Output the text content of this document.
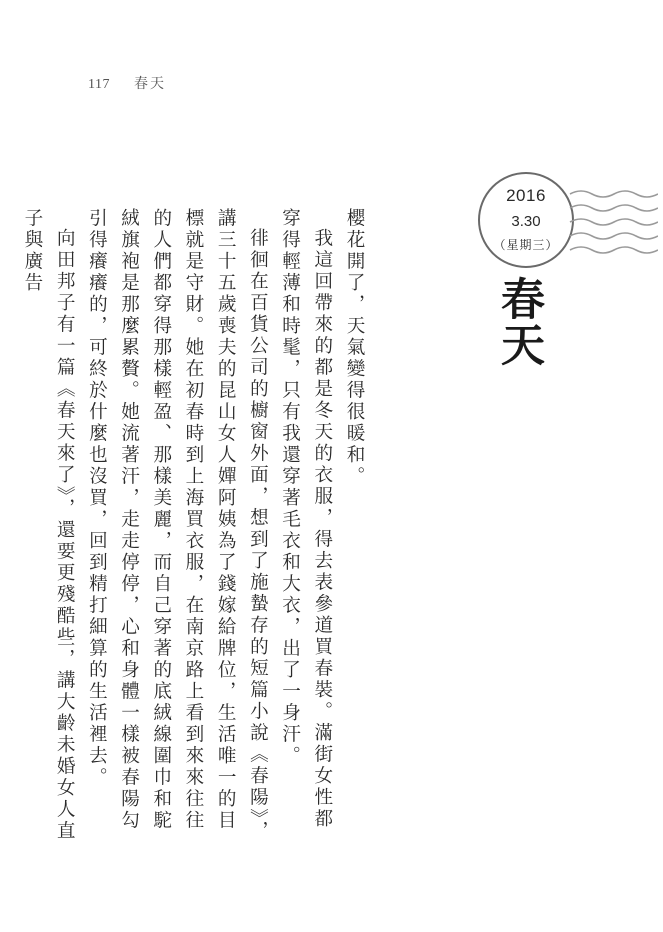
117 春天
2016
3.30
（星期三）
春天

櫻花開了，天氣變得很暖和。

我這回帶來的都是冬天的衣服，得去表參道買春裝。滿街女性都穿得輕薄和時髦，只有我還穿著毛衣和大衣，出了一身汗。

徘徊在百貨公司的櫥窗外面，想到了施蟄存的短篇小說《春陽》，講三十五歲喪夫的昆山女人嬋阿姨為了錢嫁給牌位，生活唯一的目標就是守財。她在初春時到上海買衣服，在南京路上看到來來往往的人們都穿得那樣輕盈、那樣美麗，而自己穿著的底絨線圍巾和駝絨旗袍是那麼累贅。她流著汗，走走停停，心和身體一樣被春陽勾引得癢癢的，可終於什麼也沒買，回到精打細算的生活裡去。

向田邦子有一篇《春天來了》，還要更殘酷些，講大齡未婚女人直子與廣告
